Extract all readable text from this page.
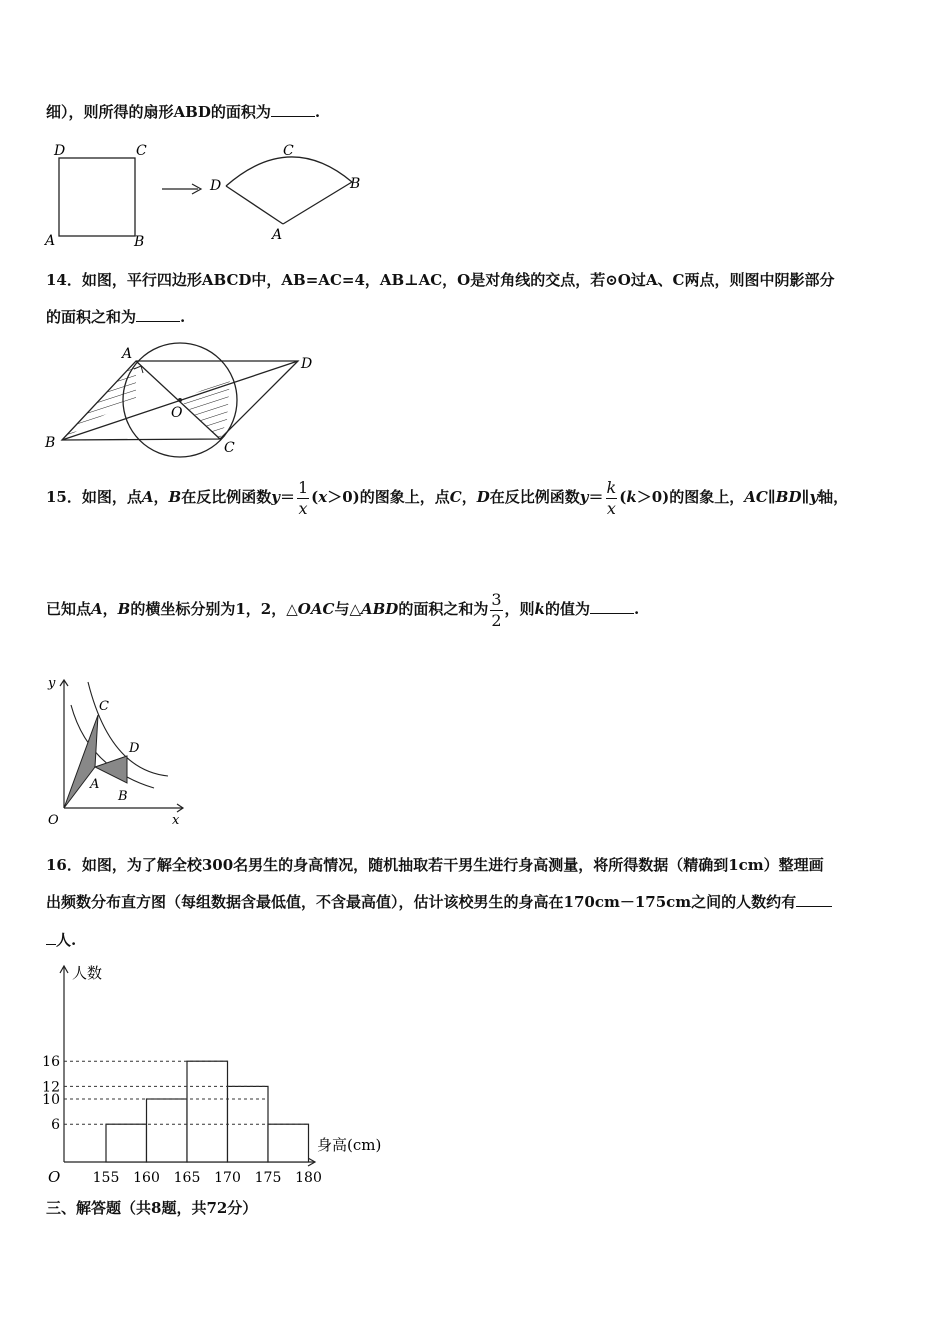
细），则所得的扇形ABD的面积为	.
D	C
A	B
D
C
B
A
14．如图，平行四边形ABCD中，AB=AC=4，AB⊥AC，O是对角线的交点，若⊙O过A、C两点，则图中阴影部分
的面积之和为	.
A
B	C
D
O
15．如图，点A，B在反比例函数$y= \frac{1}{x} (x>0)$的图象上，点C，D在反比例函数$y= \frac{k}{x} (k>0)$的图象上，AC∥BD∥y轴，
已知点A，B的横坐标分别为1，2，△OAC与△ABD的面积之和为 $\frac{3}{2}$ ，则k的值为	.
y
x
O
C
D
A
B
16．如图，为了解全校300名男生的身高情况，随机抽取若干男生进行身高测量，将所得数据（精确到1cm）整理画
出频数分布直方图（每组数据含最低值，不含最高值），估计该校男生的身高在170cm－175cm之间的人数约有
人.
6
10
12
16
155 160 165 170 175 180
人数
身高(cm)
O
三、解答题（共8题，共72分）
